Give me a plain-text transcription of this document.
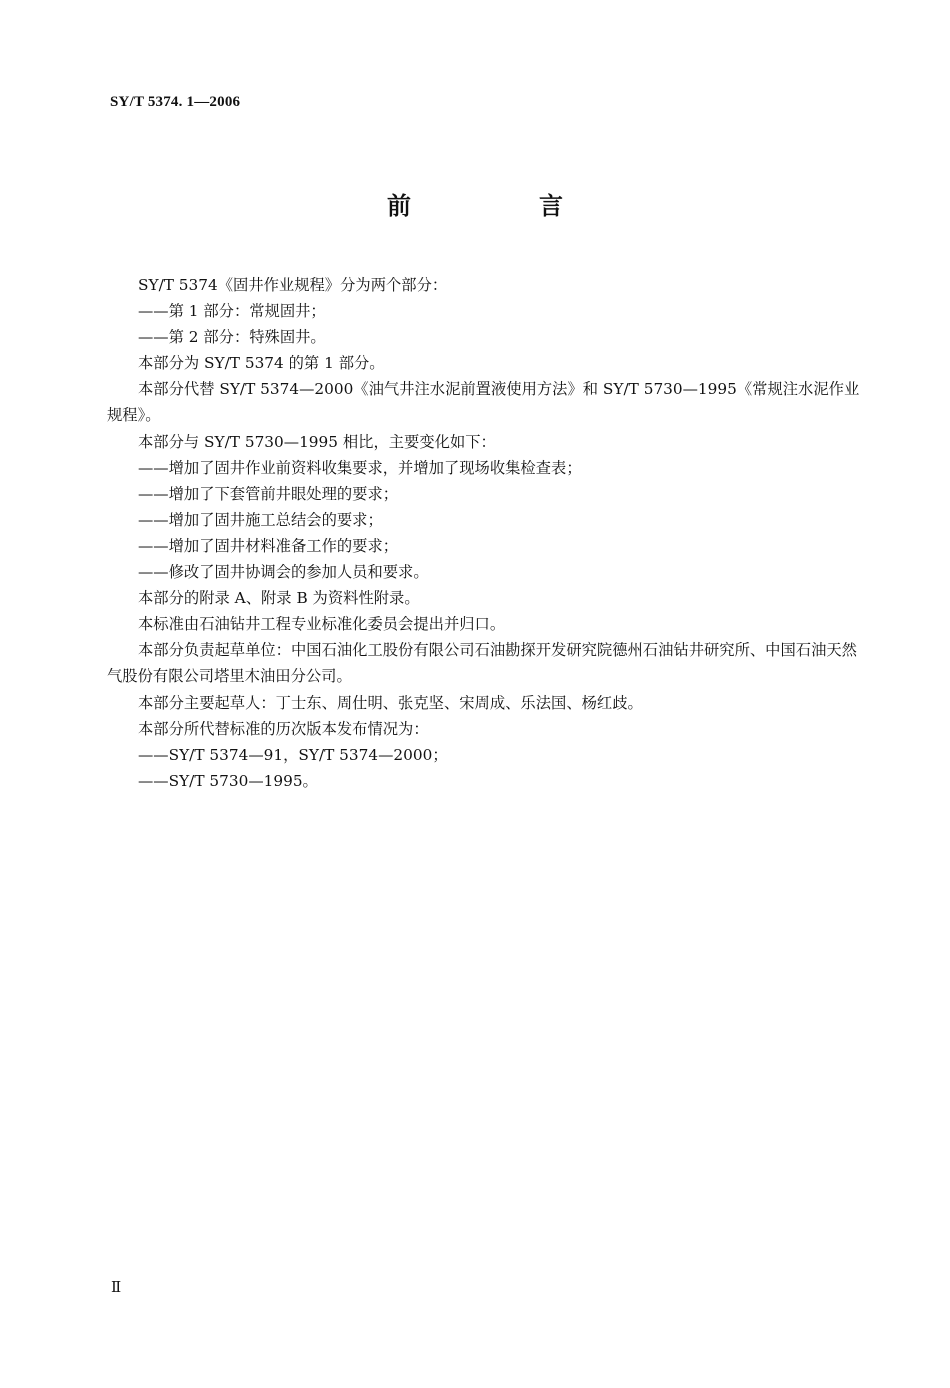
SY/T 5374. 1—2006

前　言

SY/T 5374《固井作业规程》分为两个部分：

——第 1 部分：常规固井；

——第 2 部分：特殊固井。

本部分为 SY/T 5374 的第 1 部分。

本部分代替 SY/T 5374—2000《油气井注水泥前置液使用方法》和 SY/T 5730—1995《常规注水泥作业规程》。

本部分与 SY/T 5730—1995 相比，主要变化如下：

——增加了固井作业前资料收集要求，并增加了现场收集检查表；

——增加了下套管前井眼处理的要求；

——增加了固井施工总结会的要求；

——增加了固井材料准备工作的要求；

——修改了固井协调会的参加人员和要求。

本部分的附录 A、附录 B 为资料性附录。

本标准由石油钻井工程专业标准化委员会提出并归口。

本部分负责起草单位：中国石油化工股份有限公司石油勘探开发研究院德州石油钻井研究所、中国石油天然气股份有限公司塔里木油田分公司。

本部分主要起草人：丁士东、周仕明、张克坚、宋周成、乐法国、杨红歧。

本部分所代替标准的历次版本发布情况为：

——SY/T 5374—91，SY/T 5374—2000；

——SY/T 5730—1995。

Ⅱ
